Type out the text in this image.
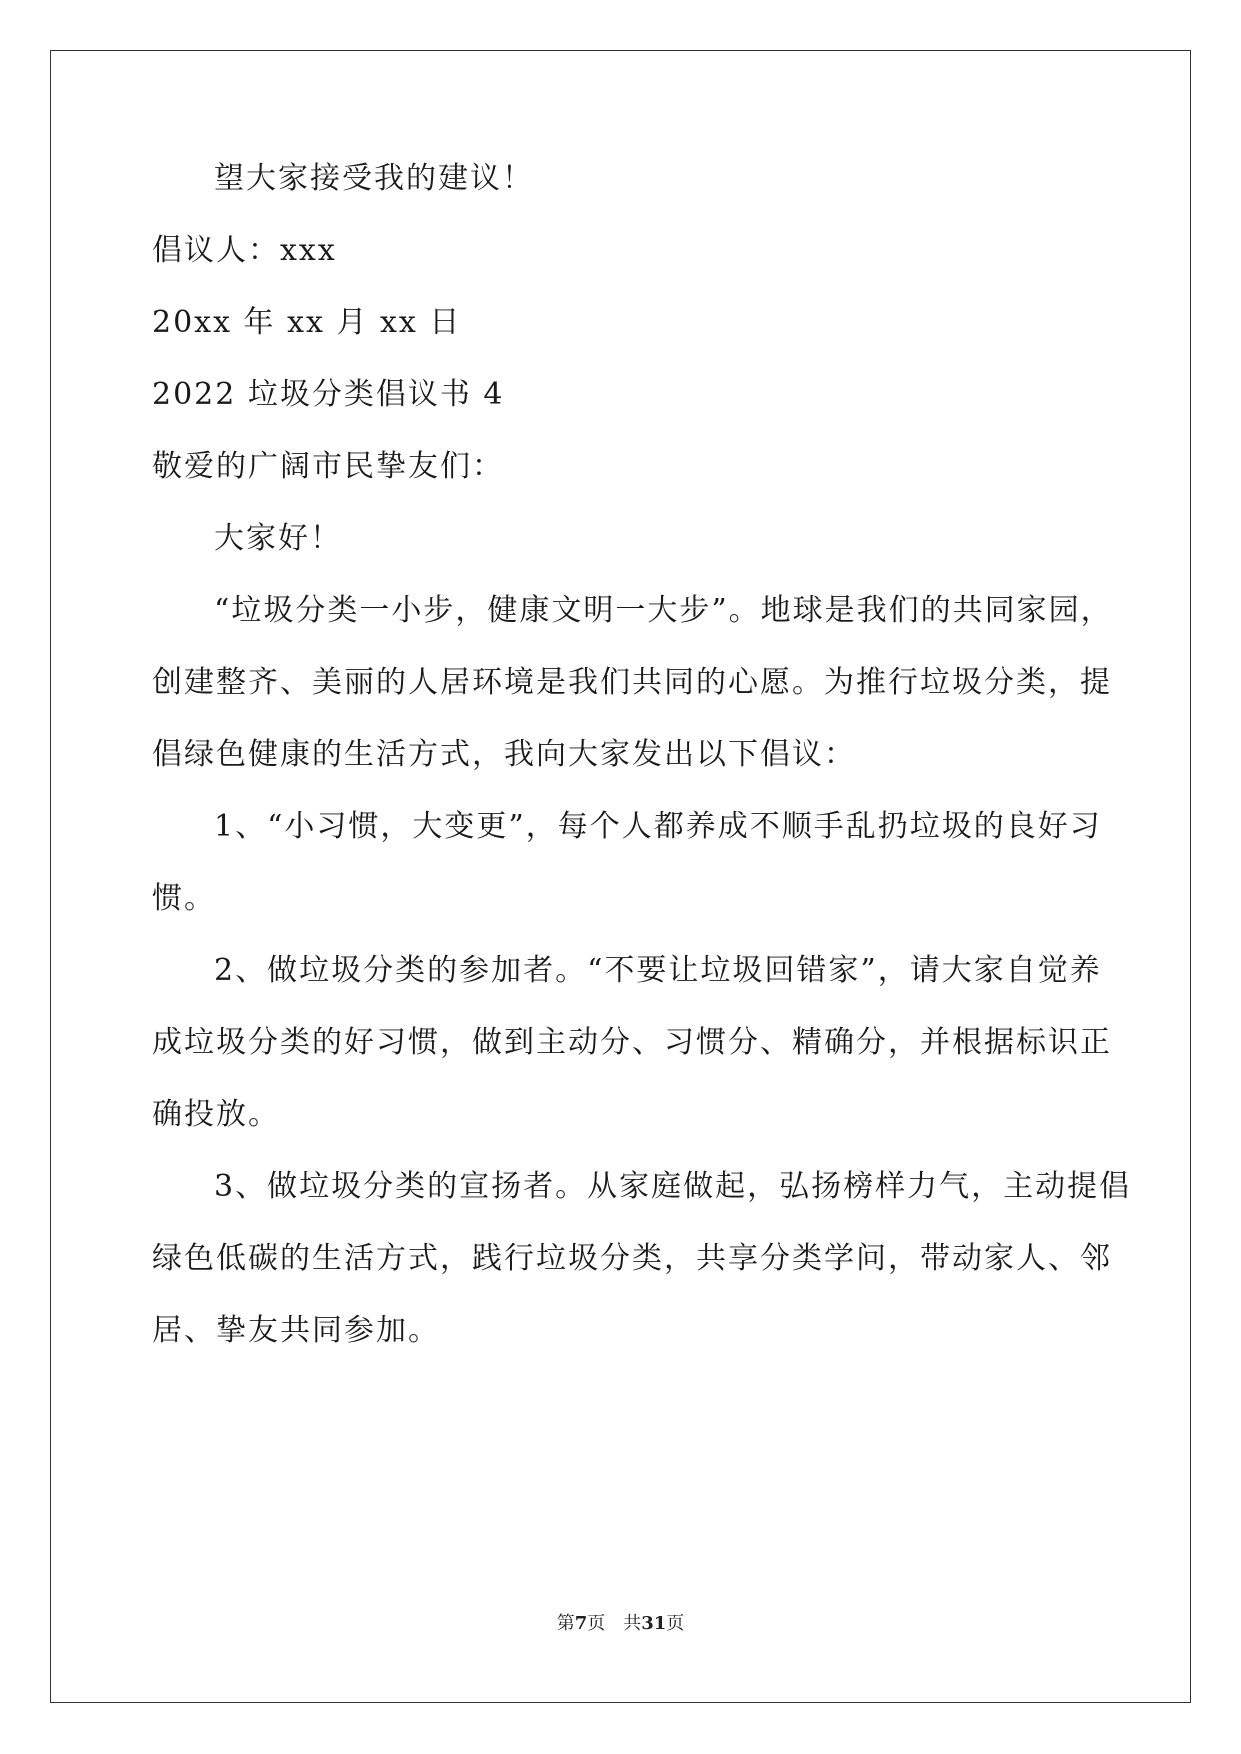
望大家接受我的建议！
倡议人：xxx
20xx 年 xx 月 xx 日
2022 垃圾分类倡议书 4
敬爱的广阔市民挚友们：
大家好！
“垃圾分类一小步，健康文明一大步”。地球是我们的共同家园，
创建整齐、美丽的人居环境是我们共同的心愿。为推行垃圾分类，提
倡绿色健康的生活方式，我向大家发出以下倡议：
1、“小习惯，大变更”，每个人都养成不顺手乱扔垃圾的良好习
惯。
2、做垃圾分类的参加者。“不要让垃圾回错家”，请大家自觉养
成垃圾分类的好习惯，做到主动分、习惯分、精确分，并根据标识正
确投放。
3、做垃圾分类的宣扬者。从家庭做起，弘扬榜样力气，主动提倡
绿色低碳的生活方式，践行垃圾分类，共享分类学问，带动家人、邻
居、挚友共同参加。
第7页　共31页
